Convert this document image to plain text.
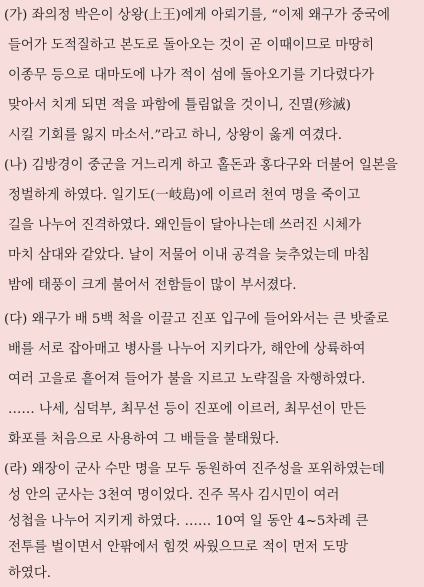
(가) 좌의정 박은이 상왕(上王)에게 아뢰기를, “이제 왜구가 중국에
들어가 도적질하고 본도로 돌아오는 것이 곧 이때이므로 마땅히
이종무 등으로 대마도에 나가 적이 섬에 돌아오기를 기다렸다가
맞아서 치게 되면 적을 파함에 틀림없을 것이니, 진멸(殄滅)
시킬 기회를 잃지 마소서.”라고 하니, 상왕이 옳게 여겼다.
(나) 김방경이 중군을 거느리게 하고 홀돈과 홍다구와 더불어 일본을
정벌하게 하였다. 일기도(一岐島)에 이르러 천여 명을 죽이고
길을 나누어 진격하였다. 왜인들이 달아나는데 쓰러진 시체가
마치 삼대와 같았다. 날이 저물어 이내 공격을 늦추었는데 마침
밤에 태풍이 크게 불어서 전함들이 많이 부서졌다.
(다) 왜구가 배 5백 척을 이끌고 진포 입구에 들어와서는 큰 밧줄로
배를 서로 잡아매고 병사를 나누어 지키다가, 해안에 상륙하여
여러 고을로 흩어져 들어가 불을 지르고 노략질을 자행하였다.
…… 나세, 심덕부, 최무선 등이 진포에 이르러, 최무선이 만든
화포를 처음으로 사용하여 그 배들을 불태웠다.
(라) 왜장이 군사 수만 명을 모두 동원하여 진주성을 포위하였는데
성 안의 군사는 3천여 명이었다. 진주 목사 김시민이 여러
성첩을 나누어 지키게 하였다. …… 10여 일 동안 4~5차례 큰
전투를 벌이면서 안팎에서 힘껏 싸웠으므로 적이 먼저 도망
하였다.
